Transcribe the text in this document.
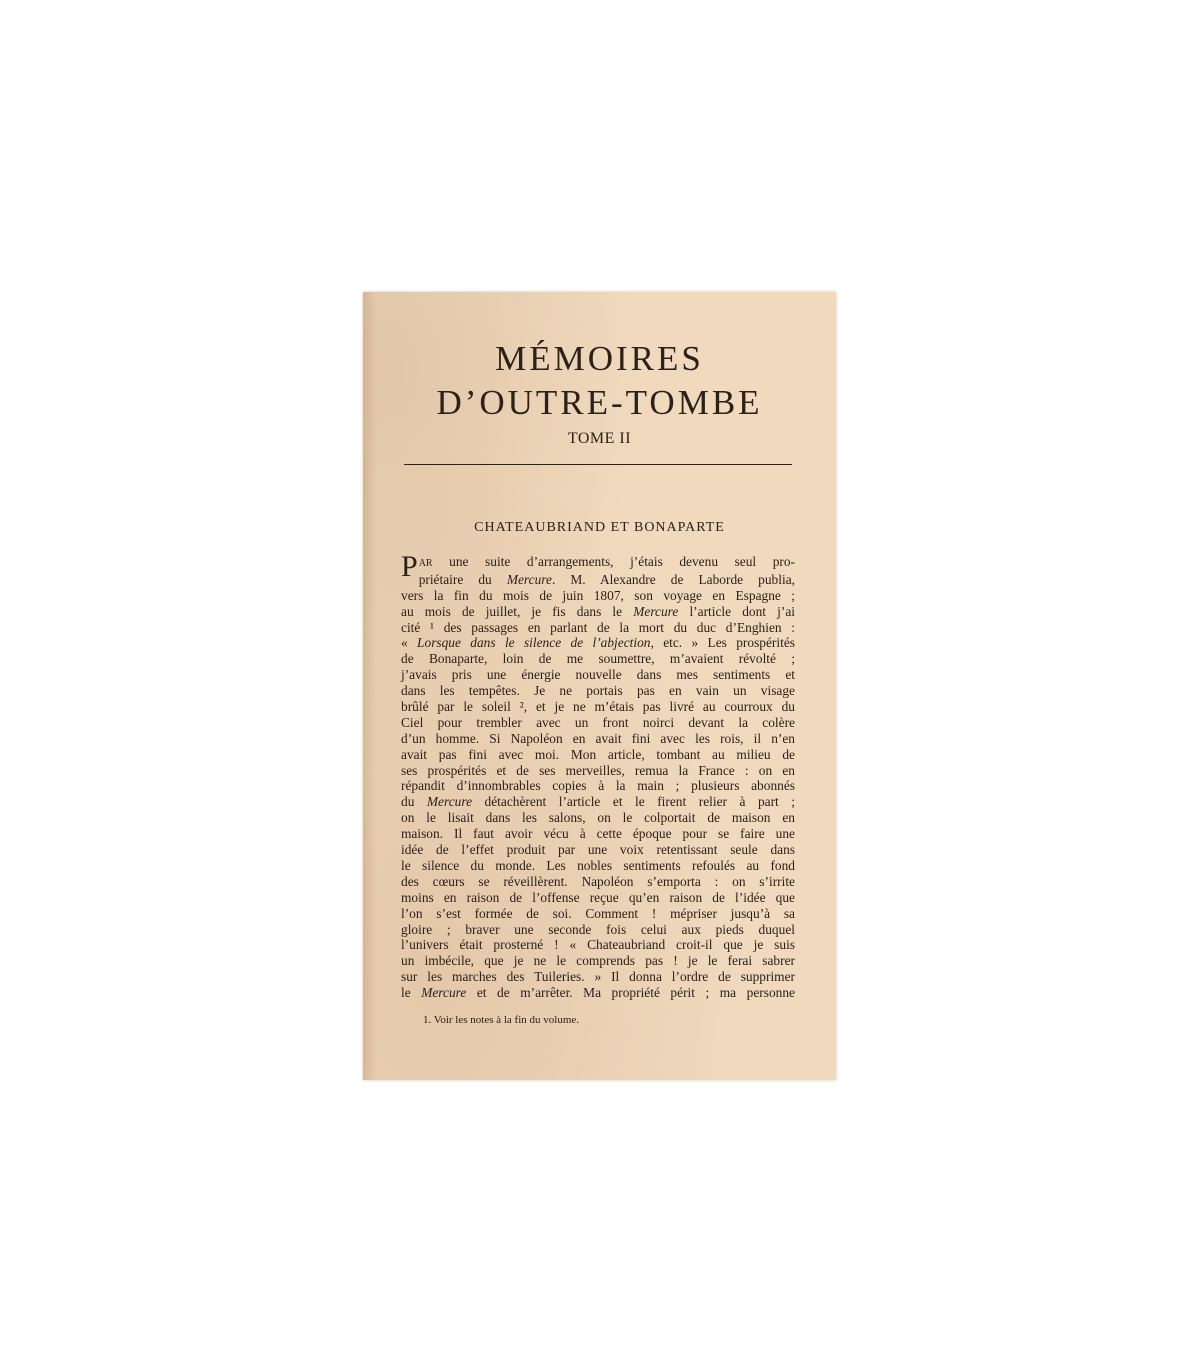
MÉMOIRES
D’OUTRE-TOMBE
TOME II
CHATEAUBRIAND ET BONAPARTE
PAR une suite d’arrangements, j’étais devenu seul pro-
priétaire du Mercure. M. Alexandre de Laborde publia,
vers la fin du mois de juin 1807, son voyage en Espagne ;
au mois de juillet, je fis dans le Mercure l’article dont j’ai
cité ¹ des passages en parlant de la mort du duc d’Enghien :
« Lorsque dans le silence de l’abjection, etc. » Les prospérités
de Bonaparte, loin de me soumettre, m’avaient révolté ;
j’avais pris une énergie nouvelle dans mes sentiments et
dans les tempêtes. Je ne portais pas en vain un visage
brûlé par le soleil ², et je ne m’étais pas livré au courroux du
Ciel pour trembler avec un front noirci devant la colère
d’un homme. Si Napoléon en avait fini avec les rois, il n’en
avait pas fini avec moi. Mon article, tombant au milieu de
ses prospérités et de ses merveilles, remua la France : on en
répandit d’innombrables copies à la main ; plusieurs abonnés
du Mercure détachèrent l’article et le firent relier à part ;
on le lisait dans les salons, on le colportait de maison en
maison. Il faut avoir vécu à cette époque pour se faire une
idée de l’effet produit par une voix retentissant seule dans
le silence du monde. Les nobles sentiments refoulés au fond
des cœurs se réveillèrent. Napoléon s’emporta : on s’irrite
moins en raison de l’offense reçue qu’en raison de l’idée que
l’on s’est formée de soi. Comment ! mépriser jusqu’à sa
gloire ; braver une seconde fois celui aux pieds duquel
l’univers était prosterné ! « Chateaubriand croit-il que je suis
un imbécile, que je ne le comprends pas ! je le ferai sabrer
sur les marches des Tuileries. » Il donna l’ordre de supprimer
le Mercure et de m’arrêter. Ma propriété périt ; ma personne
1. Voir les notes à la fin du volume.
